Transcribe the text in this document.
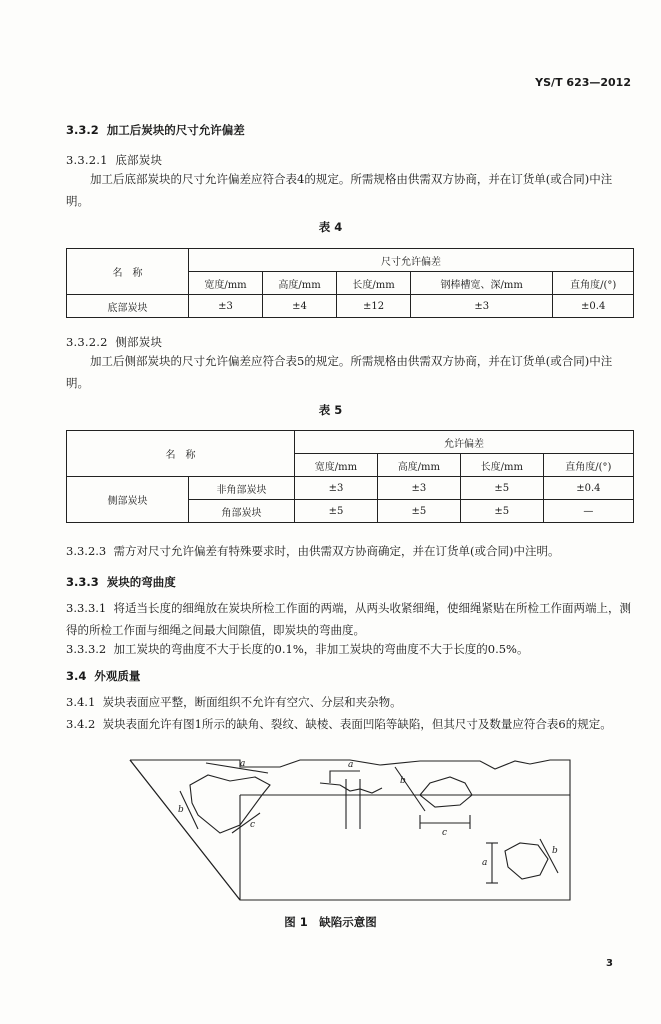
YS/T 623—2012
3.3.2 加工后炭块的尺寸允许偏差
3.3.2.1 底部炭块
加工后底部炭块的尺寸允许偏差应符合表4的规定。所需规格由供需双方协商，并在订货单(或合同)中注明。
表 4
名　称	尺寸允许偏差				
	宽度/mm	高度/mm	长度/mm	钢棒槽宽、深/mm	直角度/(°)
底部炭块	±3	±4	±12	±3	±0.4
3.3.2.2 侧部炭块
加工后侧部炭块的尺寸允许偏差应符合表5的规定。所需规格由供需双方协商，并在订货单(或合同)中注明。
表 5
名　称		允许偏差			
		宽度/mm	高度/mm	长度/mm	直角度/(°)
侧部炭块	非角部炭块	±3	±3	±5	±0.4
	角部炭块	±5	±5	±5	—
3.3.2.3 需方对尺寸允许偏差有特殊要求时，由供需双方协商确定，并在订货单(或合同)中注明。
3.3.3 炭块的弯曲度
3.3.3.1 将适当长度的细绳放在炭块所检工作面的两端，从两头收紧细绳，使细绳紧贴在所检工作面两端上，测得的所检工作面与细绳之间最大间隙值，即炭块的弯曲度。
3.3.3.2 加工炭块的弯曲度不大于长度的0.1%，非加工炭块的弯曲度不大于长度的0.5%。
3.4 外观质量
3.4.1 炭块表面应平整，断面组织不允许有空穴、分层和夹杂物。
3.4.2 炭块表面允许有图1所示的缺角、裂纹、缺棱、表面凹陷等缺陷，但其尺寸及数量应符合表6的规定。
a
b
c
a
b
c
a
b
图 1　缺陷示意图
3
